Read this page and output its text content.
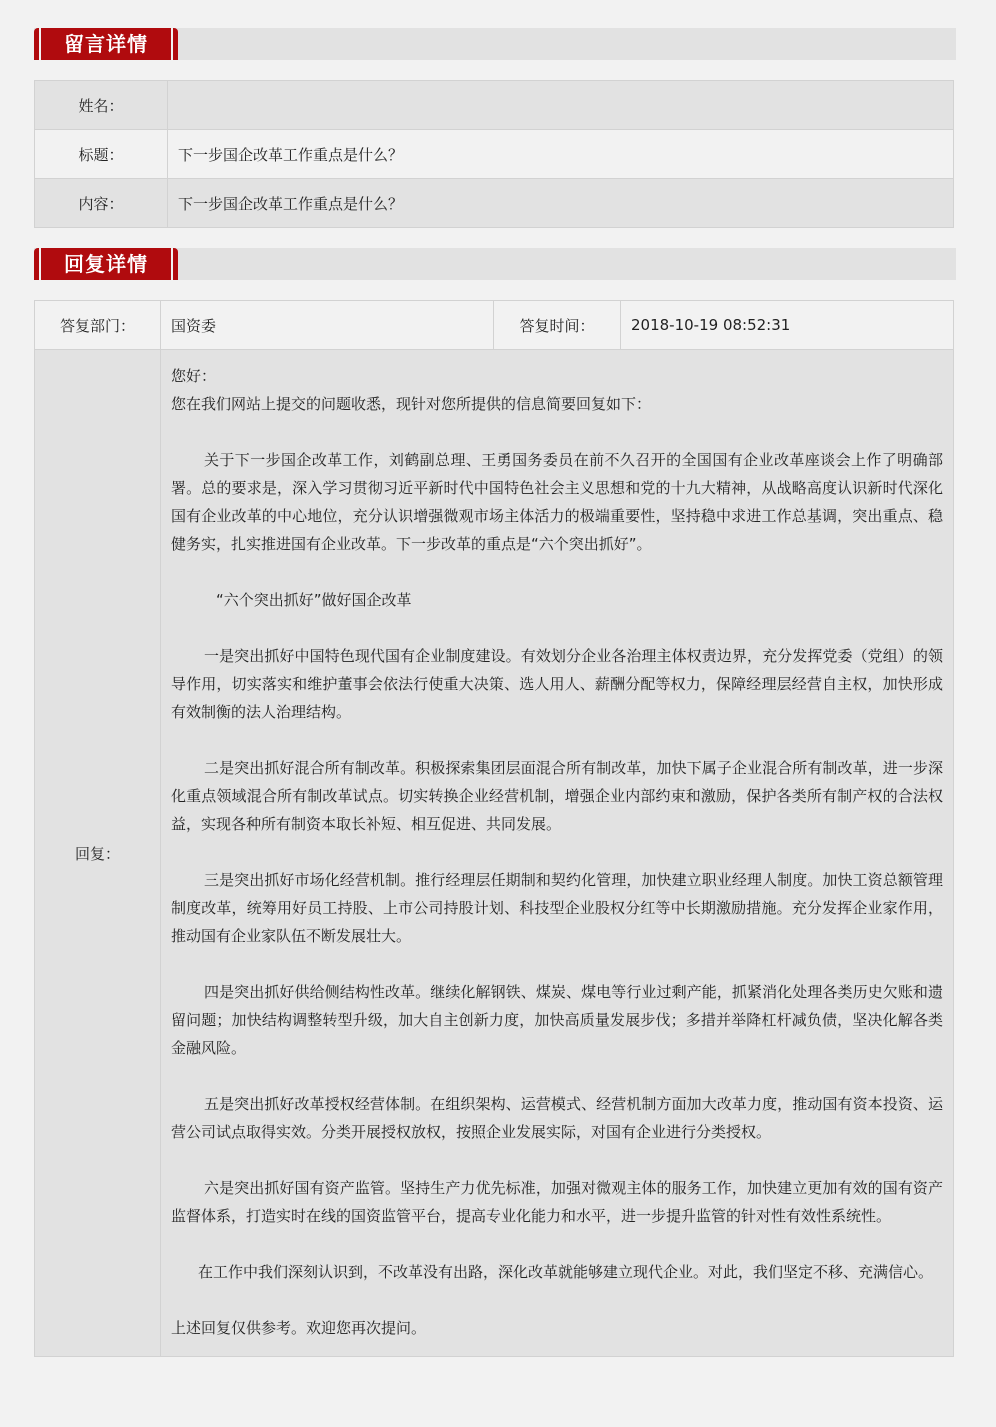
留言详情
姓名：	
标题：	下一步国企改革工作重点是什么？
内容：	下一步国企改革工作重点是什么？
回复详情
答复部门：	国资委	答复时间：	2018-10-19 08:52:31
回复：	

您好：

您在我们网站上提交的问题收悉，现针对您所提供的信息简要回复如下：

关于下一步国企改革工作，刘鹤副总理、王勇国务委员在前不久召开的全国国有企业改革座谈会上作了明确部署。总的要求是，深入学习贯彻习近平新时代中国特色社会主义思想和党的十九大精神，从战略高度认识新时代深化国有企业改革的中心地位，充分认识增强微观市场主体活力的极端重要性，坚持稳中求进工作总基调，突出重点、稳健务实，扎实推进国有企业改革。下一步改革的重点是“六个突出抓好”。

“六个突出抓好”做好国企改革

一是突出抓好中国特色现代国有企业制度建设。有效划分企业各治理主体权责边界，充分发挥党委（党组）的领导作用，切实落实和维护董事会依法行使重大决策、选人用人、薪酬分配等权力，保障经理层经营自主权，加快形成有效制衡的法人治理结构。

二是突出抓好混合所有制改革。积极探索集团层面混合所有制改革，加快下属子企业混合所有制改革，进一步深化重点领域混合所有制改革试点。切实转换企业经营机制，增强企业内部约束和激励，保护各类所有制产权的合法权益，实现各种所有制资本取长补短、相互促进、共同发展。

三是突出抓好市场化经营机制。推行经理层任期制和契约化管理，加快建立职业经理人制度。加快工资总额管理制度改革，统筹用好员工持股、上市公司持股计划、科技型企业股权分红等中长期激励措施。充分发挥企业家作用，推动国有企业家队伍不断发展壮大。

四是突出抓好供给侧结构性改革。继续化解钢铁、煤炭、煤电等行业过剩产能，抓紧消化处理各类历史欠账和遗留问题；加快结构调整转型升级，加大自主创新力度，加快高质量发展步伐；多措并举降杠杆减负债，坚决化解各类金融风险。

五是突出抓好改革授权经营体制。在组织架构、运营模式、经营机制方面加大改革力度，推动国有资本投资、运营公司试点取得实效。分类开展授权放权，按照企业发展实际，对国有企业进行分类授权。

六是突出抓好国有资产监管。坚持生产力优先标准，加强对微观主体的服务工作，加快建立更加有效的国有资产监督体系，打造实时在线的国资监管平台，提高专业化能力和水平，进一步提升监管的针对性有效性系统性。

在工作中我们深刻认识到，不改革没有出路，深化改革就能够建立现代企业。对此，我们坚定不移、充满信心。

上述回复仅供参考。欢迎您再次提问。
